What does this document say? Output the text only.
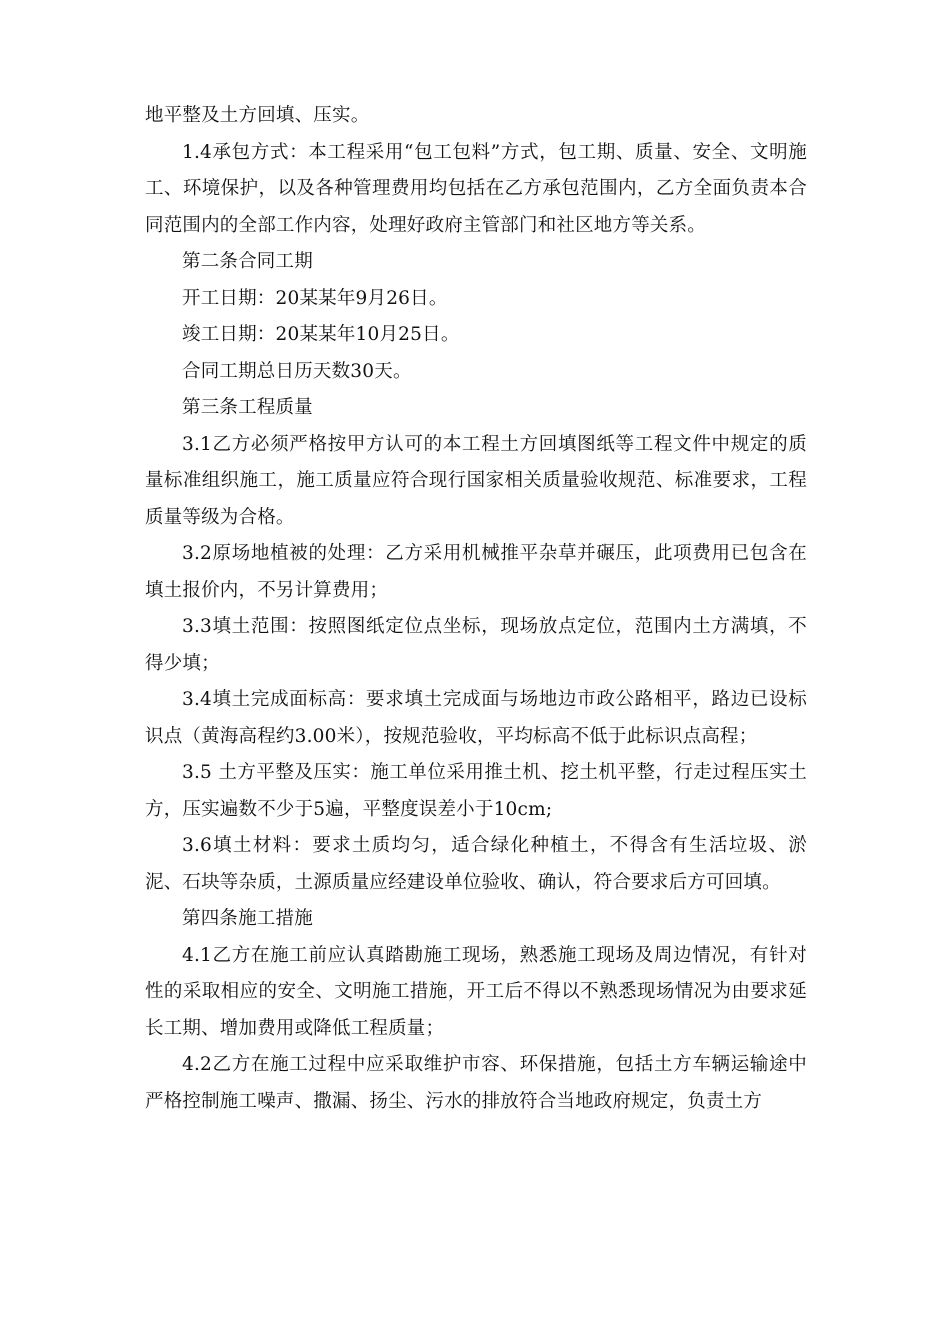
地平整及土方回填、压实。

1.4承包方式：本工程采用“包工包料”方式，包工期、质量、安全、文明施工、环境保护，以及各种管理费用均包括在乙方承包范围内，乙方全面负责本合同范围内的全部工作内容，处理好政府主管部门和社区地方等关系。

第二条合同工期

开工日期：20某某年9月26日。

竣工日期：20某某年10月25日。

合同工期总日历天数30天。

第三条工程质量

3.1乙方必须严格按甲方认可的本工程土方回填图纸等工程文件中规定的质量标准组织施工，施工质量应符合现行国家相关质量验收规范、标准要求，工程质量等级为合格。

3.2原场地植被的处理：乙方采用机械推平杂草并碾压，此项费用已包含在填土报价内，不另计算费用；

3.3填土范围：按照图纸定位点坐标，现场放点定位，范围内土方满填，不得少填；

3.4填土完成面标高：要求填土完成面与场地边市政公路相平，路边已设标识点（黄海高程约3.00米），按规范验收，平均标高不低于此标识点高程；

3.5 土方平整及压实：施工单位采用推土机、挖土机平整，行走过程压实土方，压实遍数不少于5遍，平整度误差小于10cm;

3.6填土材料：要求土质均匀，适合绿化种植土，不得含有生活垃圾、淤泥、石块等杂质，土源质量应经建设单位验收、确认，符合要求后方可回填。

第四条施工措施

4.1乙方在施工前应认真踏勘施工现场，熟悉施工现场及周边情况，有针对性的采取相应的安全、文明施工措施，开工后不得以不熟悉现场情况为由要求延长工期、增加费用或降低工程质量；

4.2乙方在施工过程中应采取维护市容、环保措施，包括土方车辆运输途中严格控制施工噪声、撒漏、扬尘、污水的排放符合当地政府规定，负责土方
